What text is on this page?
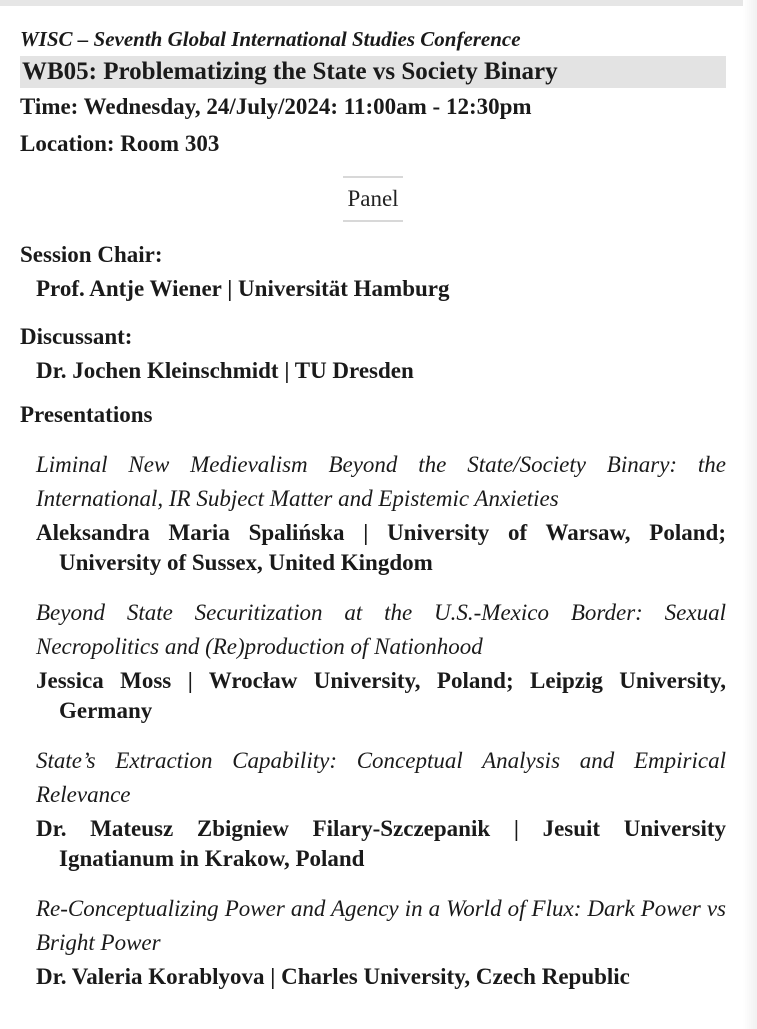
WISC – Seventh Global International Studies Conference
WB05: Problematizing the State vs Society Binary
Time: Wednesday, 24/July/2024: 11:00am - 12:30pm
Location: Room 303
Panel
Session Chair:
Prof. Antje Wiener | Universität Hamburg
Discussant:
Dr. Jochen Kleinschmidt | TU Dresden
Presentations
Liminal New Medievalism Beyond the State/Society Binary: the International, IR Subject Matter and Epistemic Anxieties
Aleksandra Maria Spalińska | University of Warsaw, Poland; University of Sussex, United Kingdom
Beyond State Securitization at the U.S.-Mexico Border: Sexual Necropolitics and (Re)production of Nationhood
Jessica Moss | Wrocław University, Poland; Leipzig University, Germany
State’s Extraction Capability: Conceptual Analysis and Empirical Relevance
Dr. Mateusz Zbigniew Filary-Szczepanik | Jesuit University Ignatianum in Krakow, Poland
Re-Conceptualizing Power and Agency in a World of Flux: Dark Power vs Bright Power
Dr. Valeria Korablyova | Charles University, Czech Republic
